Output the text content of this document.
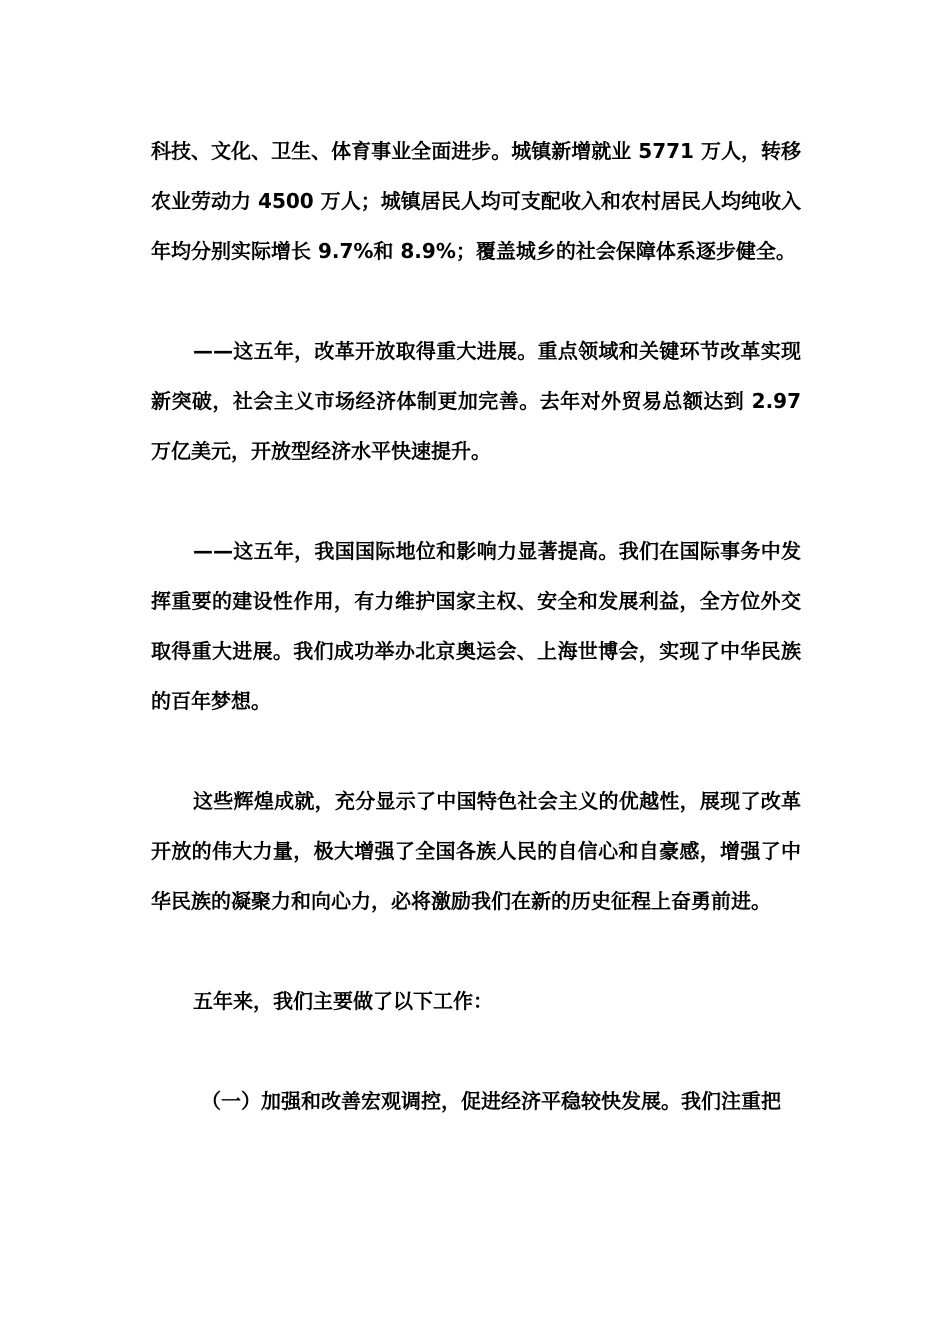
科技、文化、卫生、体育事业全面进步。城镇新增就业 5771 万人，转移农业劳动力 4500 万人；城镇居民人均可支配收入和农村居民人均纯收入年均分别实际增长 9.7%和 8.9%；覆盖城乡的社会保障体系逐步健全。

——这五年，改革开放取得重大进展。重点领域和关键环节改革实现新突破，社会主义市场经济体制更加完善。去年对外贸易总额达到 2.97 万亿美元，开放型经济水平快速提升。

——这五年，我国国际地位和影响力显著提高。我们在国际事务中发挥重要的建设性作用，有力维护国家主权、安全和发展利益，全方位外交取得重大进展。我们成功举办北京奥运会、上海世博会，实现了中华民族的百年梦想。

这些辉煌成就，充分显示了中国特色社会主义的优越性，展现了改革开放的伟大力量，极大增强了全国各族人民的自信心和自豪感，增强了中华民族的凝聚力和向心力，必将激励我们在新的历史征程上奋勇前进。

五年来，我们主要做了以下工作：

（一）加强和改善宏观调控，促进经济平稳较快发展。我们注重把
